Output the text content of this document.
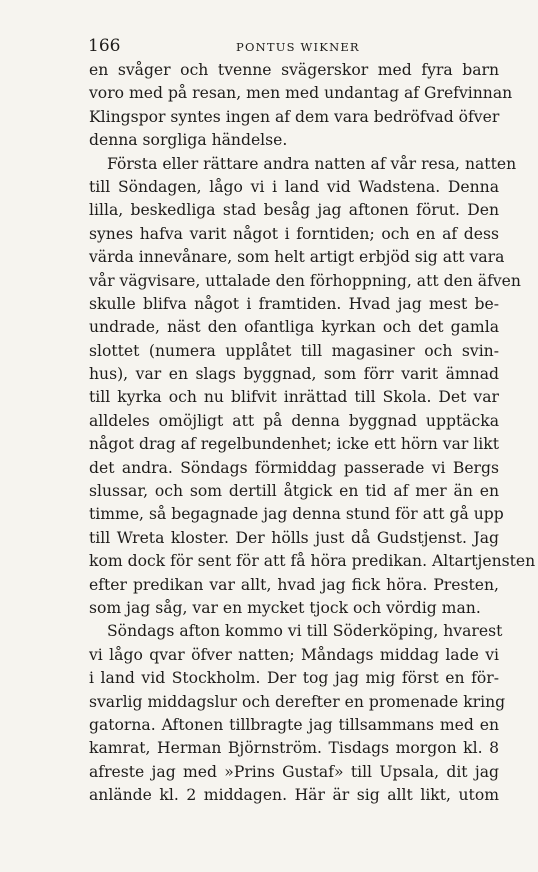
166	PONTUS WIKNER
en svåger och tvenne svägerskor med fyra barn
voro med på resan, men med undantag af Grefvinnan
Klingspor syntes ingen af dem vara bedröfvad öfver
denna sorgliga händelse.
Första eller rättare andra natten af vår resa, natten
till Söndagen, lågo vi i land vid Wadstena. Denna
lilla, beskedliga stad besåg jag aftonen förut. Den
synes hafva varit något i forntiden; och en af dess
värda innevånare, som helt artigt erbjöd sig att vara
vår vägvisare, uttalade den förhoppning, att den äfven
skulle blifva något i framtiden. Hvad jag mest be-
undrade, näst den ofantliga kyrkan och det gamla
slottet (numera upplåtet till magasiner och svin-
hus), var en slags byggnad, som förr varit ämnad
till kyrka och nu blifvit inrättad till Skola. Det var
alldeles omöjligt att på denna byggnad upptäcka
något drag af regelbundenhet; icke ett hörn var likt
det andra. Söndags förmiddag passerade vi Bergs
slussar, och som dertill åtgick en tid af mer än en
timme, så begagnade jag denna stund för att gå upp
till Wreta kloster. Der hölls just då Gudstjenst. Jag
kom dock för sent för att få höra predikan. Altartjensten
efter predikan var allt, hvad jag fick höra. Presten,
som jag såg, var en mycket tjock och vördig man.
Söndags afton kommo vi till Söderköping, hvarest
vi lågo qvar öfver natten; Måndags middag lade vi
i land vid Stockholm. Der tog jag mig först en för-
svarlig middagslur och derefter en promenade kring
gatorna. Aftonen tillbragte jag tillsammans med en
kamrat, Herman Björnström. Tisdags morgon kl. 8
afreste jag med »Prins Gustaf» till Upsala, dit jag
anlände kl. 2 middagen. Här är sig allt likt, utom
